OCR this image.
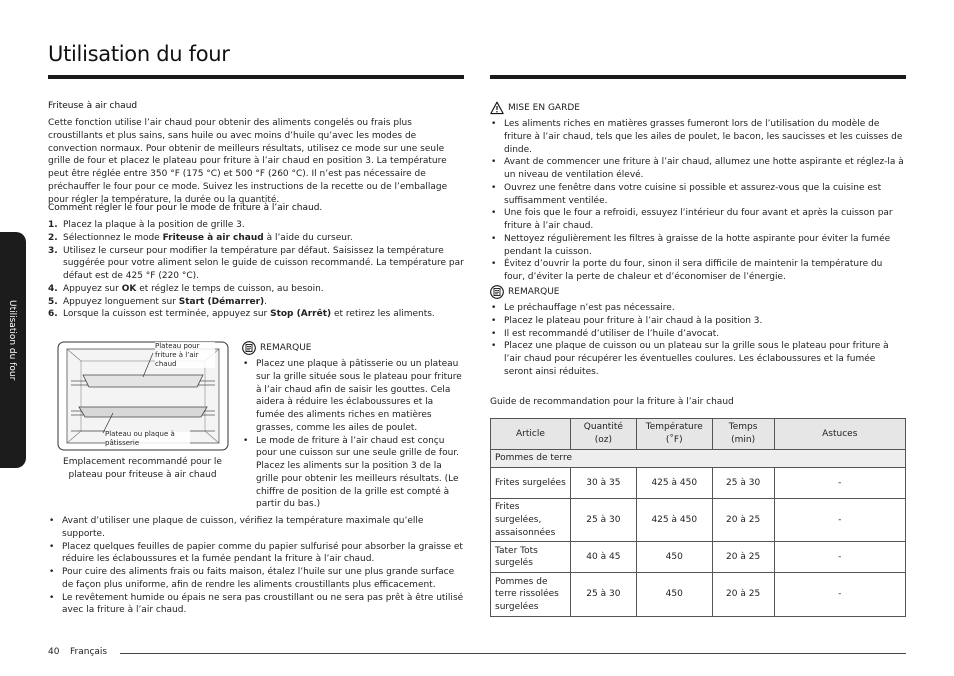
Utilisation du four
Utilisation du four
Friteuse à air chaud

Cette fonction utilise l’air chaud pour obtenir des aliments congelés ou frais plus croustillants et plus sains, sans huile ou avec moins d’huile qu’avec les modes de convection normaux. Pour obtenir de meilleurs résultats, utilisez ce mode sur une seule grille de four et placez le plateau pour friture à l’air chaud en position 3. La température peut être réglée entre 350 °F (175 °C) et 500 °F (260 °C). Il n’est pas nécessaire de préchauffer le four pour ce mode. Suivez les instructions de la recette ou de l’emballage pour régler la température, la durée ou la quantité.

Comment régler le four pour le mode de friture à l’air chaud.
1. Placez la plaque à la position de grille 3.
2. Sélectionnez le mode Friteuse à air chaud à l’aide du curseur.
3. Utilisez le curseur pour modifier la température par défaut. Saisissez la température suggérée pour votre aliment selon le guide de cuisson recommandé. La température par défaut est de 425 °F (220 °C).
4. Appuyez sur OK et réglez le temps de cuisson, au besoin.
5. Appuyez longuement sur Start (Démarrer).
6. Lorsque la cuisson est terminée, appuyez sur Stop (Arrêt) et retirez les aliments.
Plateau pour friture à l’air chaud
Plateau ou plaque à pâtisserie
Emplacement recommandé pour le plateau pour friteuse à air chaud
REMARQUE
• Placez une plaque à pâtisserie ou un plateau sur la grille située sous le plateau pour friture à l’air chaud afin de saisir les gouttes. Cela aidera à réduire les éclaboussures et la fumée des aliments riches en matières grasses, comme les ailes de poulet.
• Le mode de friture à l’air chaud est conçu pour une cuisson sur une seule grille de four. Placez les aliments sur la position 3 de la grille pour obtenir les meilleurs résultats. (Le chiffre de position de la grille est compté à partir du bas.)
• Avant d’utiliser une plaque de cuisson, vérifiez la température maximale qu’elle supporte.
• Placez quelques feuilles de papier comme du papier sulfurisé pour absorber la graisse et réduire les éclaboussures et la fumée pendant la friture à l’air chaud.
• Pour cuire des aliments frais ou faits maison, étalez l’huile sur une plus grande surface de façon plus uniforme, afin de rendre les aliments croustillants plus efficacement.
• Le revêtement humide ou épais ne sera pas croustillant ou ne sera pas prêt à être utilisé avec la friture à l’air chaud.
MISE EN GARDE
• Les aliments riches en matières grasses fumeront lors de l’utilisation du modèle de friture à l’air chaud, tels que les ailes de poulet, le bacon, les saucisses et les cuisses de dinde.
• Avant de commencer une friture à l’air chaud, allumez une hotte aspirante et réglez-la à un niveau de ventilation élevé.
• Ouvrez une fenêtre dans votre cuisine si possible et assurez-vous que la cuisine est suffisamment ventilée.
• Une fois que le four a refroidi, essuyez l’intérieur du four avant et après la cuisson par friture à l’air chaud.
• Nettoyez régulièrement les filtres à graisse de la hotte aspirante pour éviter la fumée pendant la cuisson.
• Évitez d’ouvrir la porte du four, sinon il sera difficile de maintenir la température du four, d’éviter la perte de chaleur et d’économiser de l’énergie.
REMARQUE
• Le préchauffage n’est pas nécessaire.
• Placez le plateau pour friture à l’air chaud à la position 3.
• Il est recommandé d’utiliser de l’huile d’avocat.
• Placez une plaque de cuisson ou un plateau sur la grille sous le plateau pour friture à l’air chaud pour récupérer les éventuelles coulures. Les éclaboussures et la fumée seront ainsi réduites.
Guide de recommandation pour la friture à l’air chaud
Article	Quantité (oz)	Température (˚F)	Temps (min)	Astuces
Pommes de terre				
Frites surgelées	30 à 35	425 à 450	25 à 30	-
Frites surgelées, assaisonnées	25 à 30	425 à 450	20 à 25	-
Tater Tots surgelés	40 à 45	450	20 à 25	-
Pommes de terre rissolées surgelées	25 à 30	450	20 à 25	-
40 Français
